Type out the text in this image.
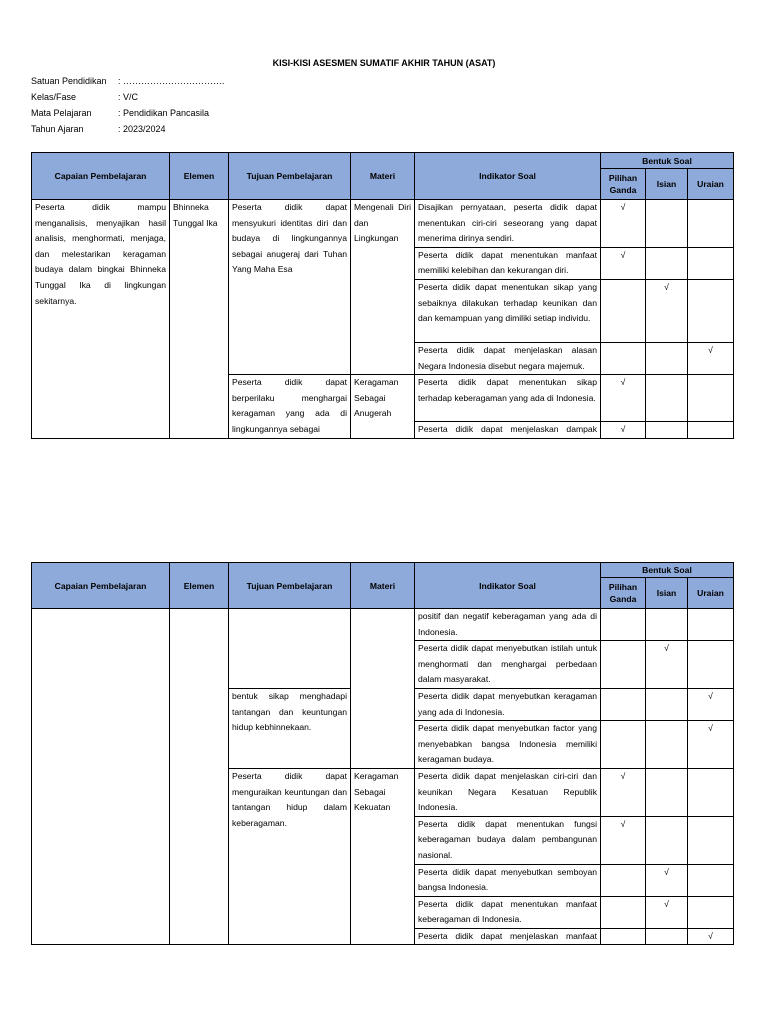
KISI-KISI ASESMEN SUMATIF AKHIR TAHUN (ASAT)
Satuan Pendidikan	: …………………………….
Kelas/Fase	: V/C
Mata Pelajaran	: Pendidikan Pancasila
Tahun Ajaran	: 2023/2024
Capaian Pembelajaran	Elemen	Tujuan Pembelajaran	Materi	Indikator Soal	Bentuk Soal		
					Pilihan Ganda	Isian	Uraian
Peserta didik mampu menganalisis, menyajikan hasil analisis, menghormati, menjaga, dan melestarikan keragaman budaya dalam bingkai Bhinneka Tunggal Ika di lingkungan sekitarnya.	Bhinneka Tunggal Ika	Peserta didik dapat mensyukuri identitas diri dan budaya di lingkungannya sebagai anugeraj dari Tuhan Yang Maha Esa	Mengenali Diri dan Lingkungan	Disajikan pernyataan, peserta didik dapat menentukan ciri-ciri seseorang yang dapat menerima dirinya sendiri.	√		
				Peserta didik dapat menentukan manfaat memiliki kelebihan dan kekurangan diri.	√		
				Peserta didik dapat menentukan sikap yang sebaiknya dilakukan terhadap keunikan dan dan kemampuan yang dimiliki setiap individu.		√	
				Peserta didik dapat menjelaskan alasan Negara Indonesia disebut negara majemuk.			√
		Peserta didik dapat berperilaku menghargai keragaman yang ada di lingkungannya sebagai	Keragaman Sebagai Anugerah	Peserta didik dapat menentukan sikap terhadap keberagaman yang ada di Indonesia.	√		
				Peserta didik dapat menjelaskan dampak	√		
Capaian Pembelajaran	Elemen	Tujuan Pembelajaran	Materi	Indikator Soal	Bentuk Soal		
					Pilihan Ganda	Isian	Uraian
				positif dan negatif keberagaman yang ada di Indonesia.			
				Peserta didik dapat menyebutkan istilah untuk menghormati dan menghargai perbedaan dalam masyarakat.		√	
		bentuk sikap menghadapi tantangan dan keuntungan hidup kebhinnekaan.		Peserta didik dapat menyebutkan keragaman yang ada di Indonesia.			√
				Peserta didik dapat menyebutkan factor yang menyebabkan bangsa Indonesia memiliki keragaman budaya.			√
		Peserta didik dapat menguraikan keuntungan dan tantangan hidup dalam keberagaman.	Keragaman Sebagai Kekuatan	Peserta didik dapat menjelaskan ciri-ciri dan keunikan Negara Kesatuan Republik Indonesia.	√		
				Peserta didik dapat menentukan fungsi keberagaman budaya dalam pembangunan nasional.	√		
				Peserta didik dapat menyebutkan semboyan bangsa Indonesia.		√	
				Peserta didik dapat menentukan manfaat keberagaman di Indonesia.		√	
				Peserta didik dapat menjelaskan manfaat			√
